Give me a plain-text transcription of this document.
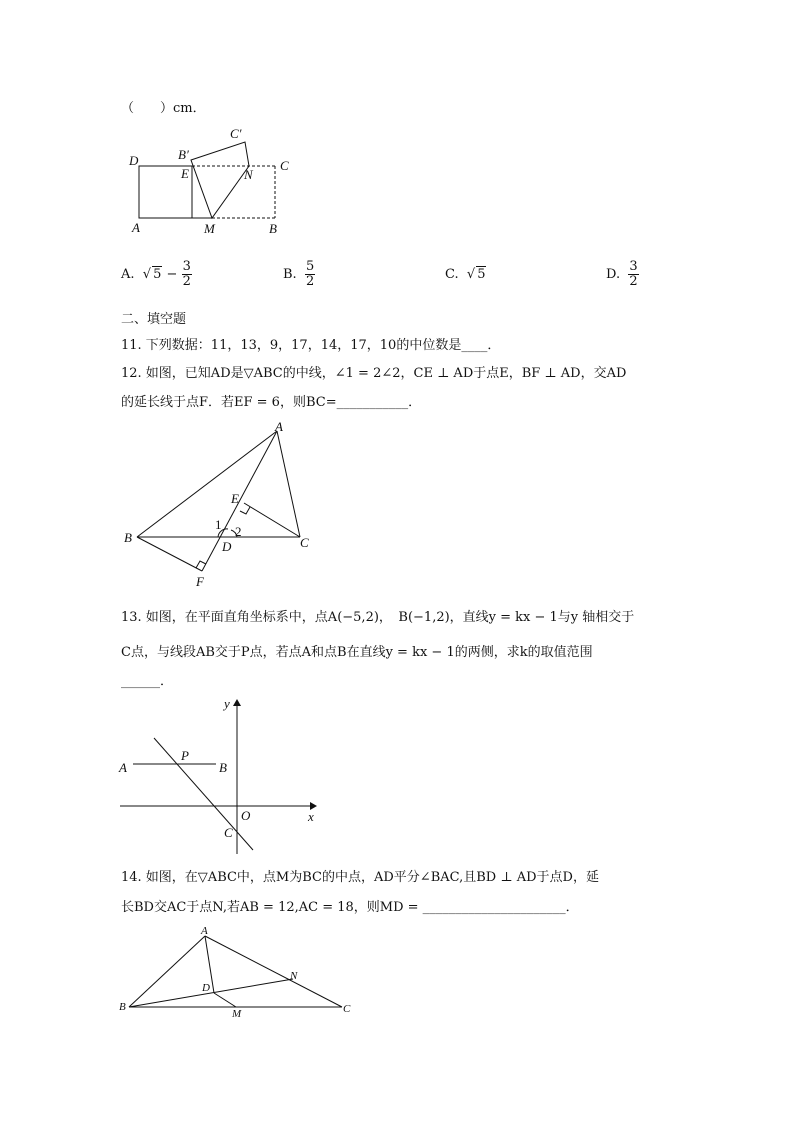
（　　）cm．
D	B′
E
C′
N
C
A	M	B
A.  √ $5 - \frac{3}{2}$	B. $\frac{5}{2}$	C. √ 5	D. $\frac{3}{2}$
二、填空题
11. 下列数据：11，13，9，17，14，17，10的中位数是____．
12. 如图，已知AD是▽ABC的中线，∠1 = 2∠2，CE ⊥ AD于点E，BF ⊥ AD，交AD
的延长线于点F．若EF = 6，则BC=___________．
A
E
B
D	C
F
1 2
13. 如图，在平面直角坐标系中，点A(−5,2)，　B(−1,2)，直线y = kx − 1与y 轴相交于
C点，与线段AB交于P点，若点A和点B在直线y = kx − 1的两侧，求k的取值范围
______．
y
A
P
B
O	x
C
14. 如图，在▽ABC中，点M为BC的中点，AD平分∠BAC,且BD ⊥ AD于点D，延
长BD交AC于点N,若AB = 12,AC = 18，则MD = ______________________．
A
N
D
B
M	C
